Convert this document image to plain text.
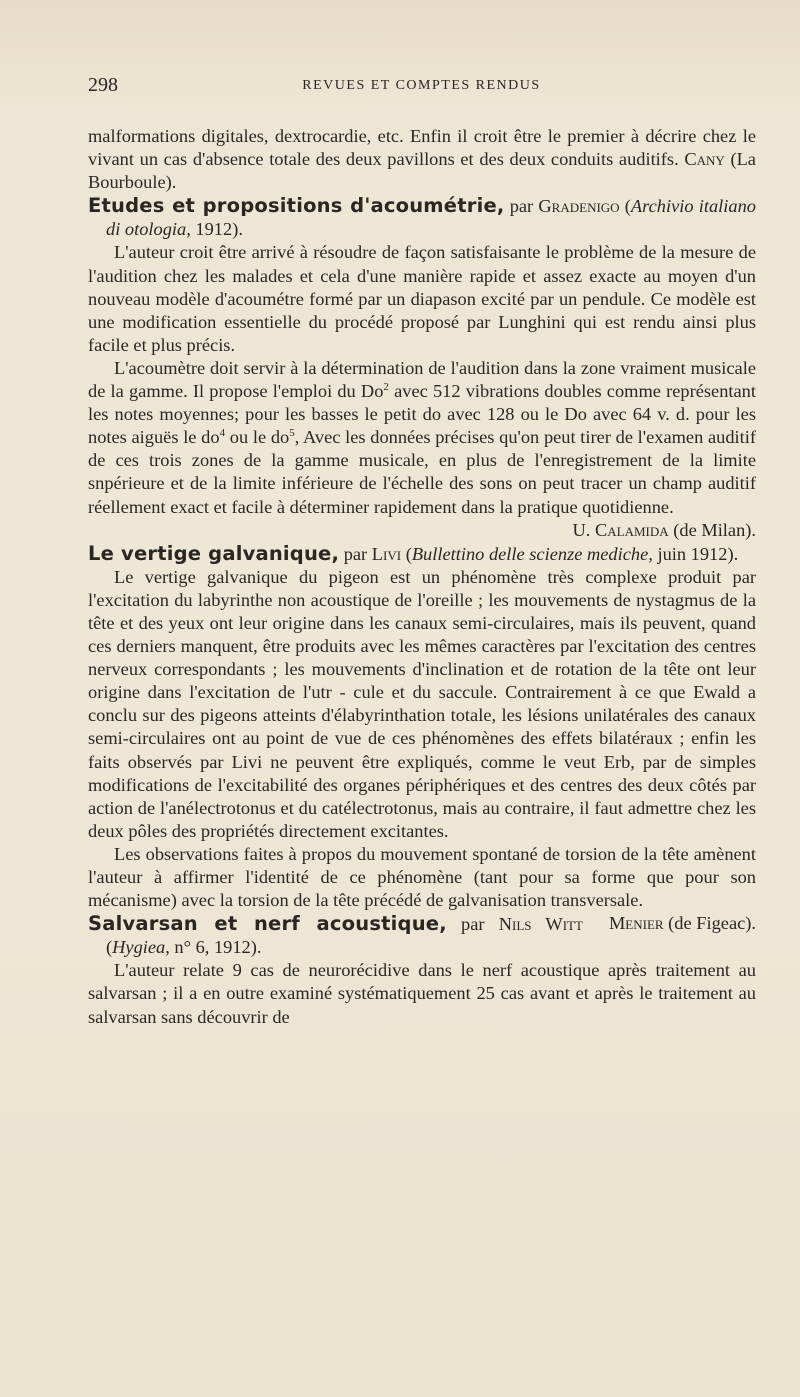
298	REVUES ET COMPTES RENDUS

malformations digitales, dextrocardie, etc. Enfin il croit être le premier à décrire chez le vivant un cas d'absence totale des deux pavillons et des deux conduits auditifs. Cany (La Bourboule).

Etudes et propositions d'acoumétrie, par Gradenigo (Archivio italiano di otologia, 1912).

L'auteur croit être arrivé à résoudre de façon satisfaisante le problème de la mesure de l'audition chez les malades et cela d'une manière rapide et assez exacte au moyen d'un nouveau modèle d'acoumétre formé par un diapason excité par un pendule. Ce modèle est une modification essentielle du procédé proposé par Lunghini qui est rendu ainsi plus facile et plus précis.

L'acoumètre doit servir à la détermination de l'audition dans la zone vraiment musicale de la gamme. Il propose l'emploi du Do$^2$ avec 512 vibrations doubles comme représentant les notes moyennes; pour les basses le petit do avec 128 ou le Do avec 64 v. d. pour les notes aiguës le $do^4$ ou le $do^5$, Avec les données précises qu'on peut tirer de l'examen auditif de ces trois zones de la gamme musicale, en plus de l'enregistrement de la limite snpérieure et de la limite inférieure de l'échelle des sons on peut tracer un champ auditif réellement exact et facile à déterminer rapidement dans la pratique quotidienne.

U. Calamida (de Milan).

Le vertige galvanique, par Livi (Bullettino delle scienze mediche, juin 1912).

Le vertige galvanique du pigeon est un phénomène très complexe produit par l'excitation du labyrinthe non acoustique de l'oreille ; les mouvements de nystagmus de la tête et des yeux ont leur origine dans les canaux semi-circulaires, mais ils peuvent, quand ces derniers manquent, être produits avec les mêmes caractères par l'excitation des centres nerveux correspondants ; les mouvements d'inclination et de rotation de la tête ont leur origine dans l'excitation de l'utr - cule et du saccule. Contrairement à ce que Ewald a conclu sur des pigeons atteints d'élabyrinthation totale, les lésions unilatérales des canaux semi-circulaires ont au point de vue de ces phénomènes des effets bilatéraux ; enfin les faits observés par Livi ne peuvent être expliqués, comme le veut Erb, par de simples modifications de l'excitabilité des organes périphériques et des centres des deux côtés par action de l'anélectrotonus et du catélectrotonus, mais au contraire, il faut admettre chez les deux pôles des propriétés directement excitantes.

Les observations faites à propos du mouvement spontané de torsion de la tête amènent l'auteur à affirmer l'identité de ce phénomène (tant pour sa forme que pour son mécanisme) avec la torsion de la tête précédé de galvanisation transversale.
Menier (de Figeac).

Salvarsan et nerf acoustique, par Nils Witt (Hygiea, n° 6, 1912).

L'auteur relate 9 cas de neurorécidive dans le nerf acoustique après traitement au salvarsan ; il a en outre examiné systématiquement 25 cas avant et après le traitement au salvarsan sans découvrir de
